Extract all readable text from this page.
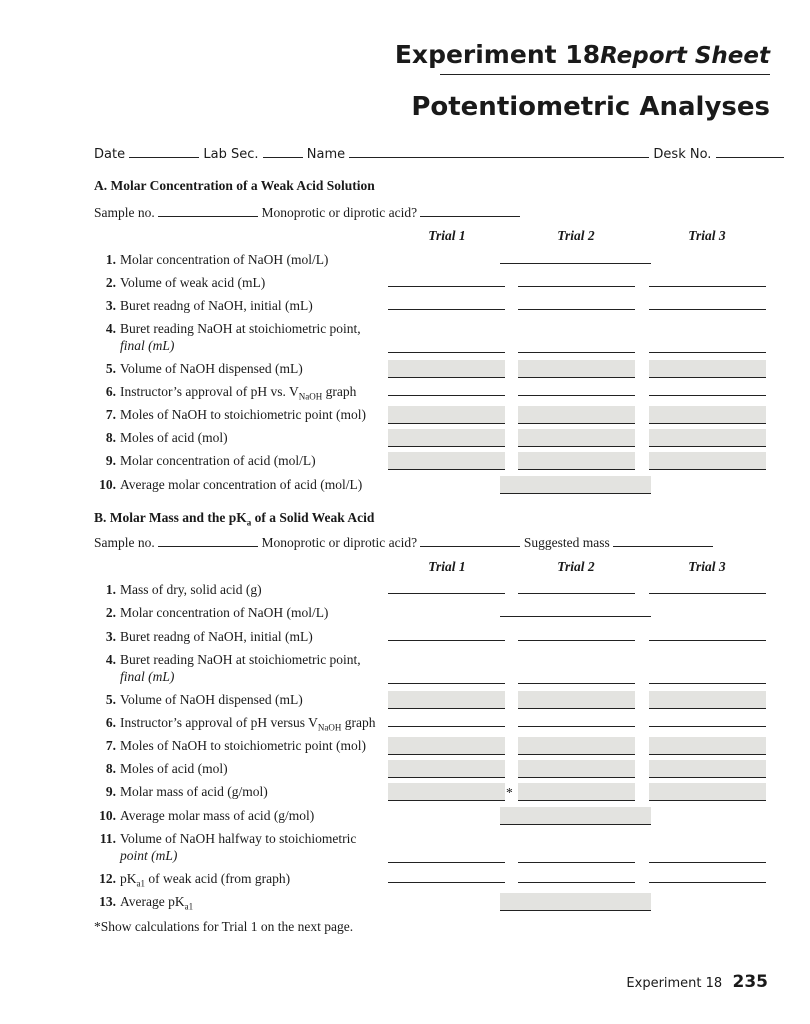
Experiment 18Report Sheet
Potentiometric Analyses
Date	Lab Sec.	Name	Desk No.
A. Molar Concentration of a Weak Acid Solution
Sample no.	Monoprotic or diprotic acid?
Trial 1	Trial 2	Trial 3
1. Molar concentration of NaOH (mol/L)
2. Volume of weak acid (mL)
3. Buret readng of NaOH, initial (mL)
4. Buret reading NaOH at stoichiometric point,
final (mL)
5. Volume of NaOH dispensed (mL)
6. Instructor’s approval of pH vs. $V_{NaOH}$ graph
7. Moles of NaOH to stoichiometric point (mol)
8. Moles of acid (mol)
9. Molar concentration of acid (mol/L)
10. Average molar concentration of acid (mol/L)
B. Molar Mass and the $pK_a$ of a Solid Weak Acid
Sample no.	Monoprotic or diprotic acid?	Suggested mass
Trial 1	Trial 2	Trial 3
1. Mass of dry, solid acid (g)
2. Molar concentration of NaOH (mol/L)
3. Buret readng of NaOH, initial (mL)
4. Buret reading NaOH at stoichiometric point,
final (mL)
5. Volume of NaOH dispensed (mL)
6. Instructor’s approval of pH versus $V_{NaOH}$ graph
7. Moles of NaOH to stoichiometric point (mol)
8. Moles of acid (mol)
9. Molar mass of acid (g/mol)
10. Average molar mass of acid (g/mol)
11. Volume of NaOH halfway to stoichiometric
point (mL)
12. $pK_{a1}$ of weak acid (from graph)
13. Average $pK_{a1}$
*
*Show calculations for Trial 1 on the next page.
Experiment 18 235
